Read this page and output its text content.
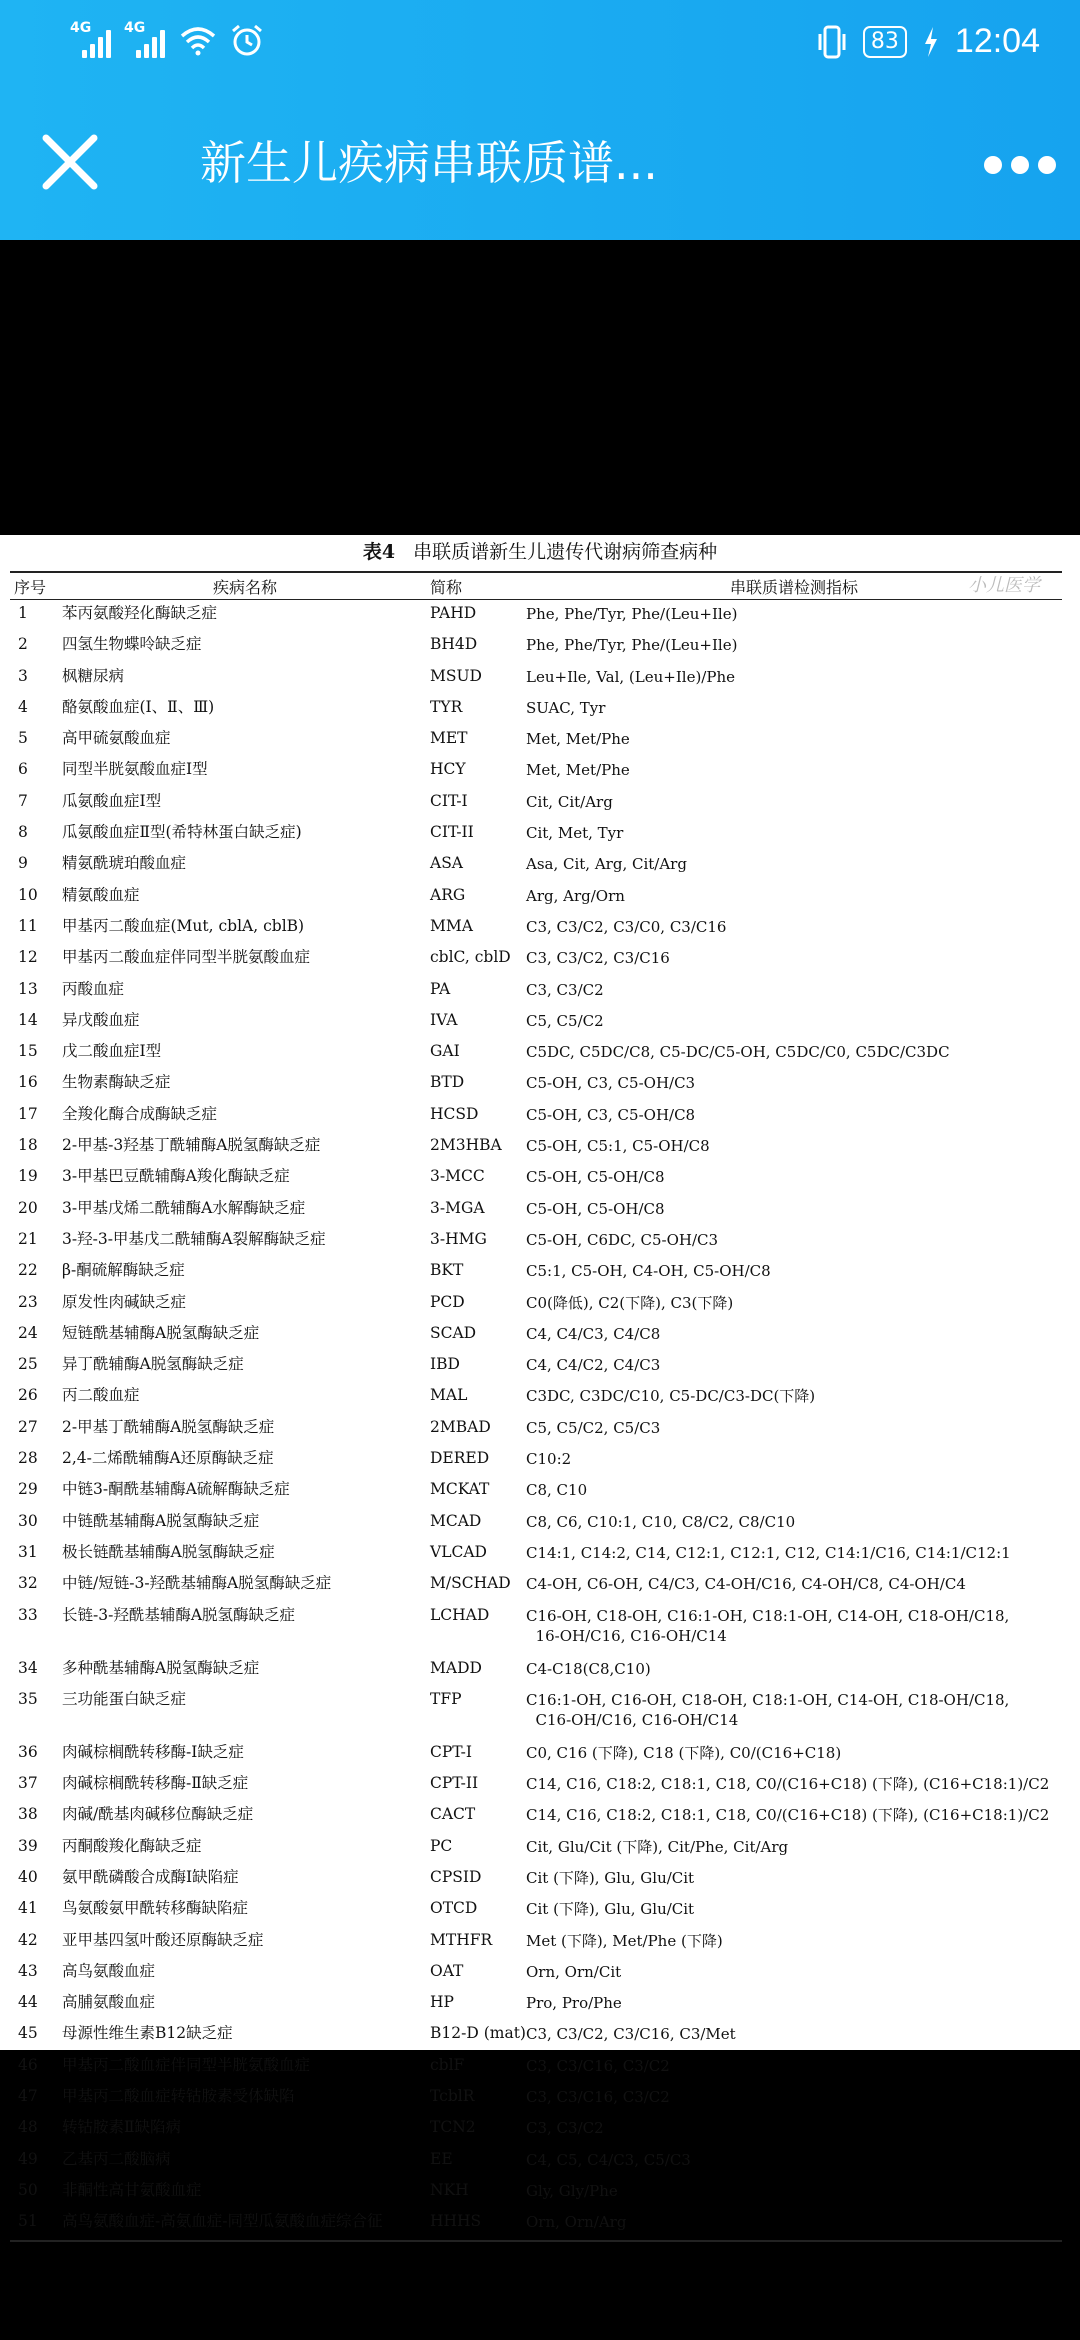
4G 4G
83 12:04
新生儿疾病串联质谱...
表4 串联质谱新生儿遗传代谢病筛查病种
小儿医学
序号	疾病名称	简称	串联质谱检测指标
1	苯丙氨酸羟化酶缺乏症	PAHD	Phe, Phe/Tyr, Phe/(Leu+Ile)
2	四氢生物蝶呤缺乏症	BH4D	Phe, Phe/Tyr, Phe/(Leu+Ile)
3	枫糖尿病	MSUD	Leu+Ile, Val, (Leu+Ile)/Phe
4	酪氨酸血症(Ⅰ、Ⅱ、Ⅲ)	TYR	SUAC, Tyr
5	高甲硫氨酸血症	MET	Met, Met/Phe
6	同型半胱氨酸血症Ⅰ型	HCY	Met, Met/Phe
7	瓜氨酸血症Ⅰ型	CIT-I	Cit, Cit/Arg
8	瓜氨酸血症Ⅱ型(希特林蛋白缺乏症)	CIT-II	Cit, Met, Tyr
9	精氨酰琥珀酸血症	ASA	Asa, Cit, Arg, Cit/Arg
10	精氨酸血症	ARG	Arg, Arg/Orn
11	甲基丙二酸血症(Mut, cblA, cblB)	MMA	C3, C3/C2, C3/C0, C3/C16
12	甲基丙二酸血症伴同型半胱氨酸血症	cblC, cblD	C3, C3/C2, C3/C16
13	丙酸血症	PA	C3, C3/C2
14	异戊酸血症	IVA	C5, C5/C2
15	戊二酸血症Ⅰ型	GAI	C5DC, C5DC/C8, C5-DC/C5-OH, C5DC/C0, C5DC/C3DC
16	生物素酶缺乏症	BTD	C5-OH, C3, C5-OH/C3
17	全羧化酶合成酶缺乏症	HCSD	C5-OH, C3, C5-OH/C8
18	2-甲基-3羟基丁酰辅酶A脱氢酶缺乏症	2M3HBA	C5-OH, C5:1, C5-OH/C8
19	3-甲基巴豆酰辅酶A羧化酶缺乏症	3-MCC	C5-OH, C5-OH/C8
20	3-甲基戊烯二酰辅酶A水解酶缺乏症	3-MGA	C5-OH, C5-OH/C8
21	3-羟-3-甲基戊二酰辅酶A裂解酶缺乏症	3-HMG	C5-OH, C6DC, C5-OH/C3
22	β-酮硫解酶缺乏症	BKT	C5:1, C5-OH, C4-OH, C5-OH/C8
23	原发性肉碱缺乏症	PCD	C0(降低), C2(下降), C3(下降)
24	短链酰基辅酶A脱氢酶缺乏症	SCAD	C4, C4/C3, C4/C8
25	异丁酰辅酶A脱氢酶缺乏症	IBD	C4, C4/C2, C4/C3
26	丙二酸血症	MAL	C3DC, C3DC/C10, C5-DC/C3-DC(下降)
27	2-甲基丁酰辅酶A脱氢酶缺乏症	2MBAD	C5, C5/C2, C5/C3
28	2,4-二烯酰辅酶A还原酶缺乏症	DERED	C10:2
29	中链3-酮酰基辅酶A硫解酶缺乏症	MCKAT	C8, C10
30	中链酰基辅酶A脱氢酶缺乏症	MCAD	C8, C6, C10:1, C10, C8/C2, C8/C10
31	极长链酰基辅酶A脱氢酶缺乏症	VLCAD	C14:1, C14:2, C14, C12:1, C12:1, C12, C14:1/C16, C14:1/C12:1
32	中链/短链-3-羟酰基辅酶A脱氢酶缺乏症	M/SCHAD	C4-OH, C6-OH, C4/C3, C4-OH/C16, C4-OH/C8, C4-OH/C4
33	长链-3-羟酰基辅酶A脱氢酶缺乏症	LCHAD	C16-OH, C18-OH, C16:1-OH, C18:1-OH, C14-OH, C18-OH/C18,
16-OH/C16, C16-OH/C14
34	多种酰基辅酶A脱氢酶缺乏症	MADD	C4-C18(C8,C10)
35	三功能蛋白缺乏症	TFP	C16:1-OH, C16-OH, C18-OH, C18:1-OH, C14-OH, C18-OH/C18,
C16-OH/C16, C16-OH/C14
36	肉碱棕榈酰转移酶-Ⅰ缺乏症	CPT-I	C0, C16 (下降), C18 (下降), C0/(C16+C18)
37	肉碱棕榈酰转移酶-Ⅱ缺乏症	CPT-II	C14, C16, C18:2, C18:1, C18, C0/(C16+C18) (下降), (C16+C18:1)/C2
38	肉碱/酰基肉碱移位酶缺乏症	CACT	C14, C16, C18:2, C18:1, C18, C0/(C16+C18) (下降), (C16+C18:1)/C2
39	丙酮酸羧化酶缺乏症	PC	Cit, Glu/Cit (下降), Cit/Phe, Cit/Arg
40	氨甲酰磷酸合成酶Ⅰ缺陷症	CPSID	Cit (下降), Glu, Glu/Cit
41	鸟氨酸氨甲酰转移酶缺陷症	OTCD	Cit (下降), Glu, Glu/Cit
42	亚甲基四氢叶酸还原酶缺乏症	MTHFR	Met (下降), Met/Phe (下降)
43	高鸟氨酸血症	OAT	Orn, Orn/Cit
44	高脯氨酸血症	HP	Pro, Pro/Phe
45	母源性维生素B12缺乏症	B12-D (mat)	C3, C3/C2, C3/C16, C3/Met
46	甲基丙二酸血症伴同型半胱氨酸血症	cblF	C3, C3/C16, C3/C2
47	甲基丙二酸血症转钴胺素受体缺陷	TcblR	C3, C3/C16, C3/C2
48	转钴胺素Ⅱ缺陷病	TCN2	C3, C3/C2
49	乙基丙二酸脑病	EE	C4, C5, C4/C3, C5/C3
50	非酮性高甘氨酸血症	NKH	Gly, Gly/Phe
51	高鸟氨酸血症-高氨血症-同型瓜氨酸血症综合征	HHHS	Orn, Orn/Arg
